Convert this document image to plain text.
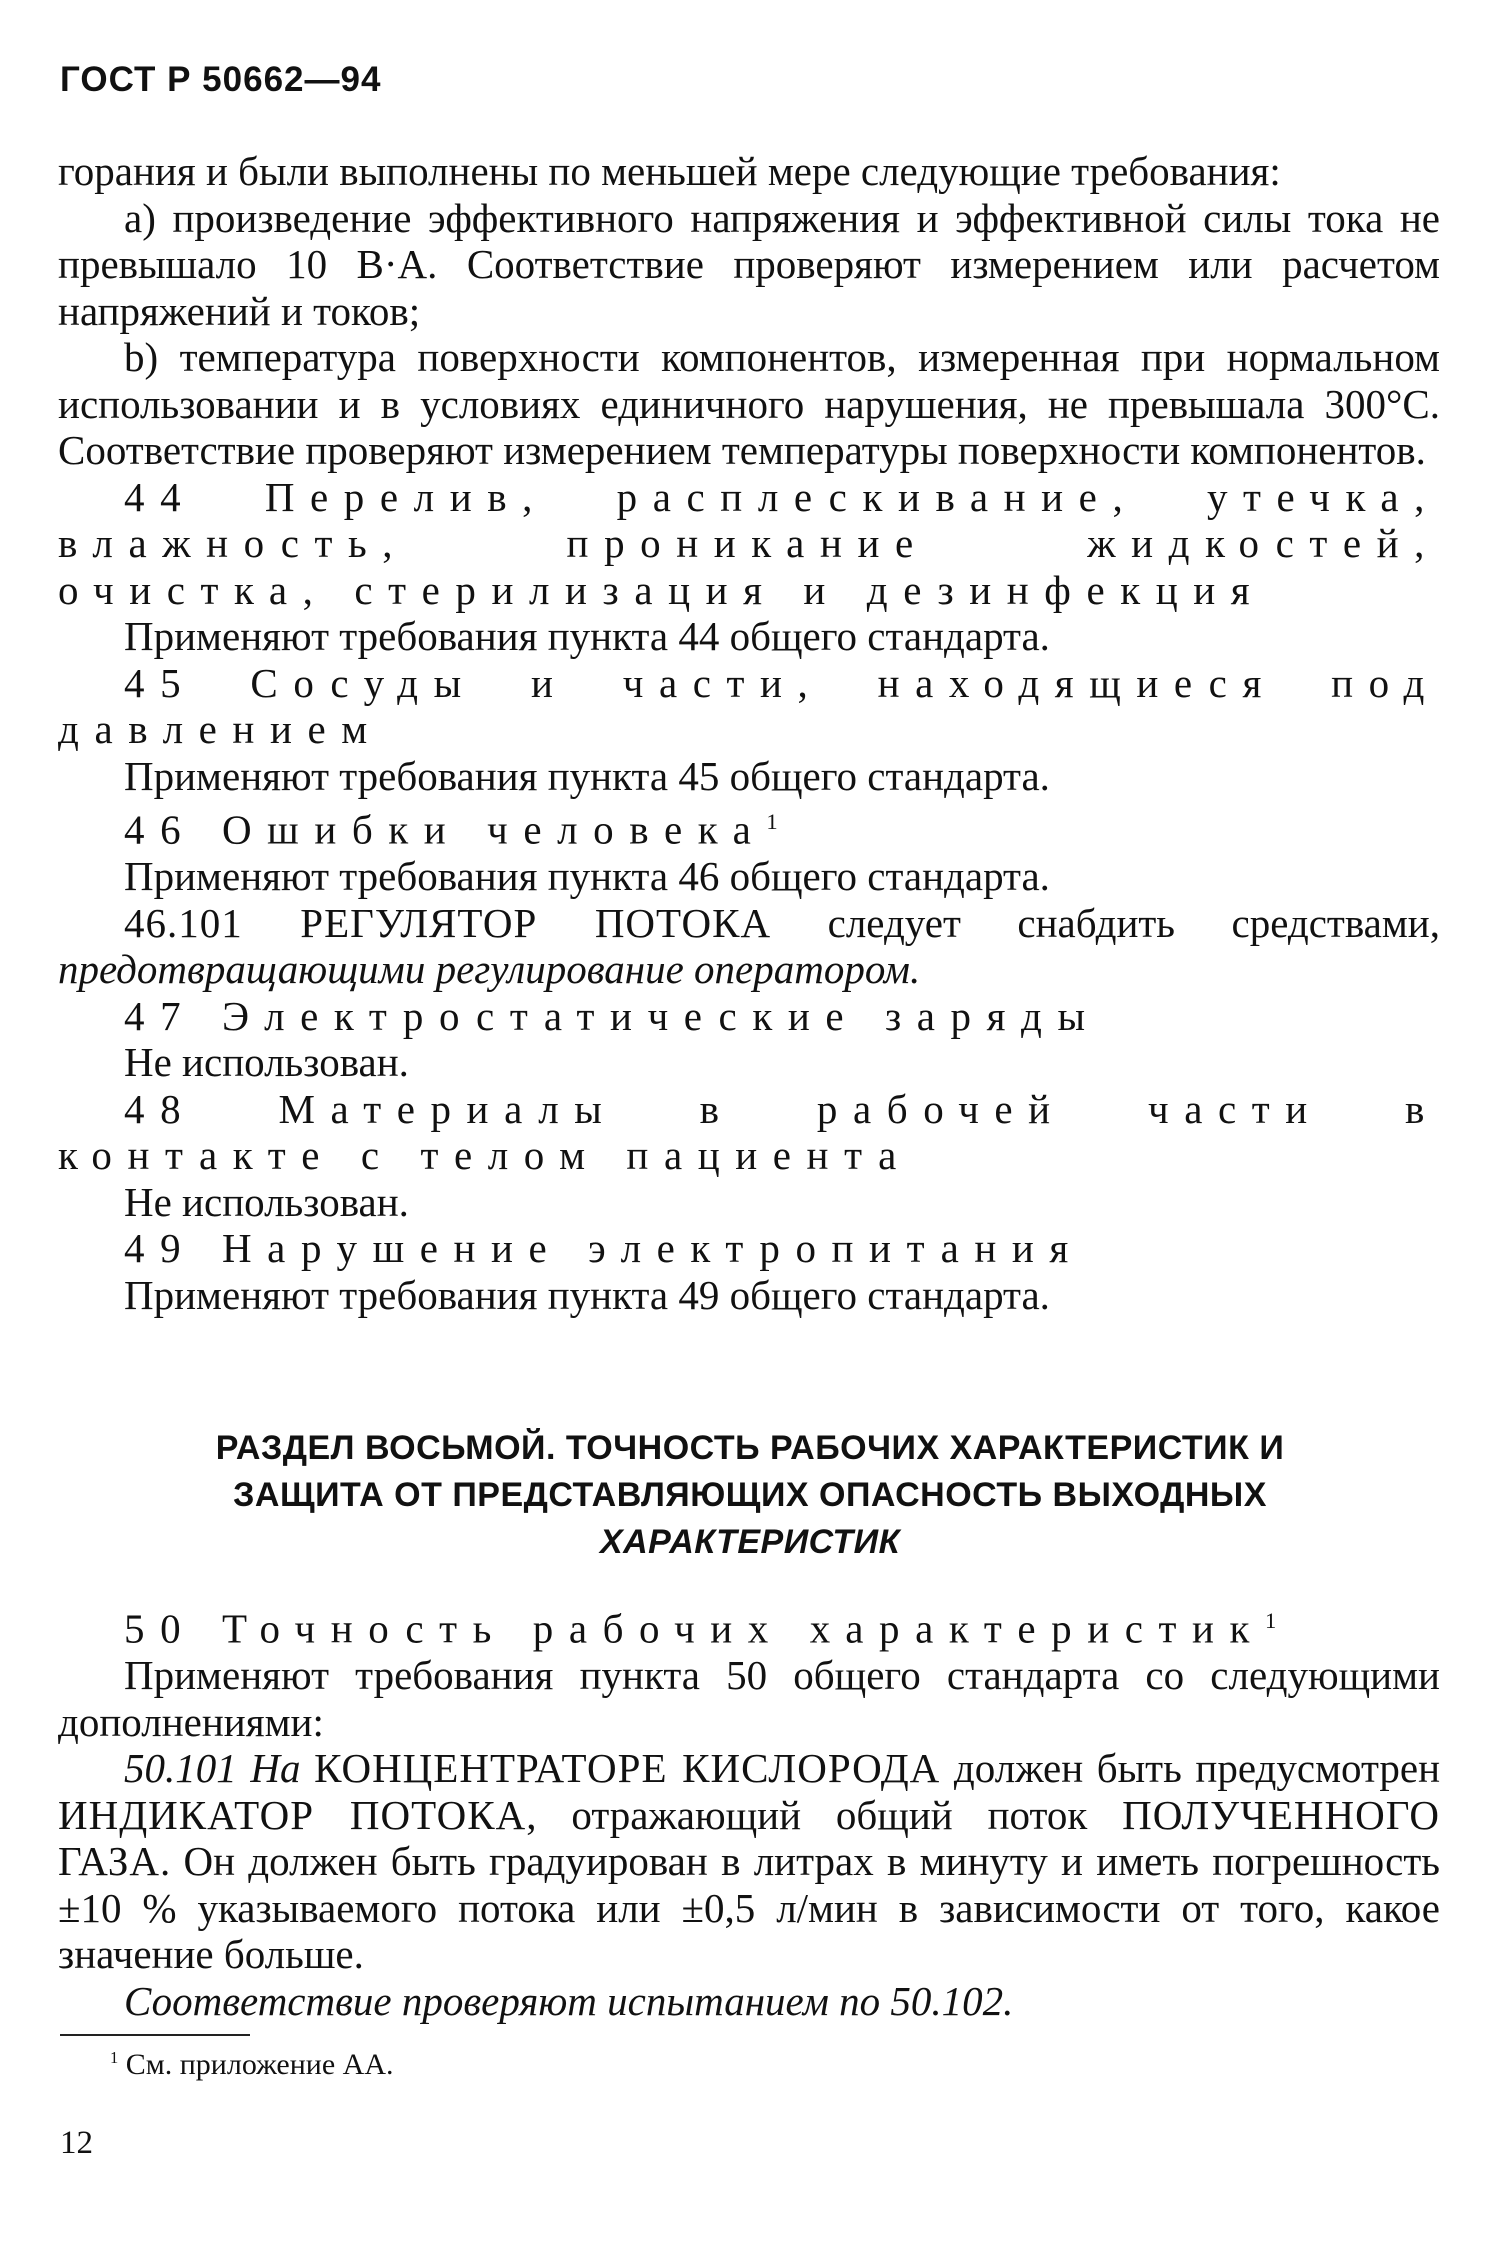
ГОСТ Р 50662—94

горания и были выполнены по меньшей мере следующие требования:

а) произведение эффективного напряжения и эффективной силы тока не превышало 10 В·А. Соответствие проверяют измерением или расчетом напряжений и токов;

b) температура поверхности компонентов, измеренная при нормальном использовании и в условиях единичного нарушения, не превышала 300°С. Соответствие проверяют измерением температуры поверхности компонентов.

44 Перелив, расплескивание, утечка, влажность, проникание жидкостей, очистка, стерилизация и дезинфекция

Применяют требования пункта 44 общего стандарта.

45 Сосуды и части, находящиеся под давлением

Применяют требования пункта 45 общего стандарта.

46 Ошибки человека$^1$

Применяют требования пункта 46 общего стандарта.

46.101 РЕГУЛЯТОР ПОТОКА следует снабдить средствами, предотвращающими регулирование оператором.

47 Электростатические заряды

Не использован.

48 Материалы в рабочей части в контакте с телом пациента

Не использован.

49 Нарушение электропитания

Применяют требования пункта 49 общего стандарта.

РАЗДЕЛ ВОСЬМОЙ. ТОЧНОСТЬ РАБОЧИХ ХАРАКТЕРИСТИК И
ЗАЩИТА ОТ ПРЕДСТАВЛЯЮЩИХ ОПАСНОСТЬ ВЫХОДНЫХ
ХАРАКТЕРИСТИК

50 Точность рабочих характеристик$^1$

Применяют требования пункта 50 общего стандарта со следующими дополнениями:

50.101 На КОНЦЕНТРАТОРЕ КИСЛОРОДА должен быть предусмотрен ИНДИКАТОР ПОТОКА, отражающий общий поток ПОЛУЧЕННОГО ГАЗА. Он должен быть градуирован в литрах в минуту и иметь погрешность ±10 % указываемого потока или ±0,5 л/мин в зависимости от того, какое значение больше.

Соответствие проверяют испытанием по 50.102.

$^1$ См. приложение АА.
12
